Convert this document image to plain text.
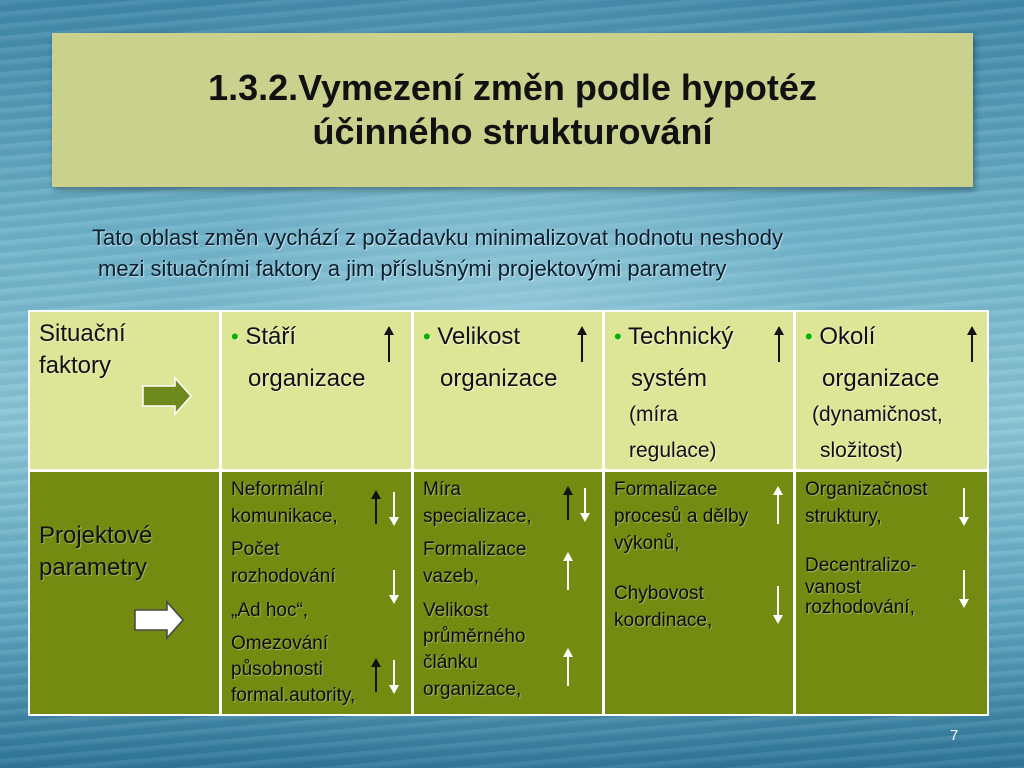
1.3.2.Vymezení změn podle hypotéz
účinného strukturování
Tato oblast změn vychází z požadavku minimalizovat hodnotu neshody
mezi situačními faktory a jim příslušnými projektovými parametry
Situační
faktory
• Stáří
organizace
• Velikost
organizace
• Technický
systém
(míra
regulace)
• Okolí
organizace
(dynamičnost,
složitost)
Projektové
parametry
Neformální
komunikace,
Počet
rozhodování
„Ad hoc“,
Omezování
působnosti
formal.autority,
Míra
specializace,
Formalizace
vazeb,
Velikost
průměrného
článku
organizace,
Formalizace
procesů a dělby
výkonů,
Chybovost
koordinace,
Organizačnost
struktury,
Decentralizo-
vanost
rozhodování,
7
